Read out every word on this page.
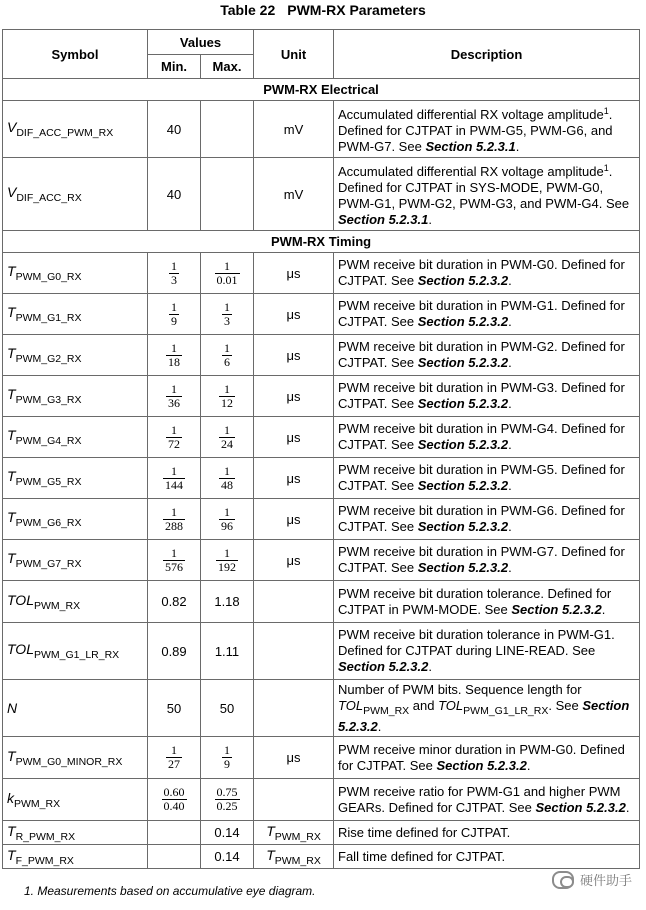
Table 22 PWM-RX Parameters
Symbol	Values		Unit	Description
	Min.	Max.		
PWM-RX Electrical				
$V_{DIF\_ACC\_PWM\_RX}$	40		mV	Accumulated differential RX voltage amplitude$^1$. Defined for CJTPAT in PWM-G5, PWM-G6, and PWM-G7. See Section 5.2.3.1.
$V_{DIF\_ACC\_RX}$	40		mV	Accumulated differential RX voltage amplitude$^1$. Defined for CJTPAT in SYS-MODE, PWM-G0, PWM-G1, PWM-G2, PWM-G3, and PWM-G4. See Section 5.2.3.1.
PWM-RX Timing				
$T_{PWM\_G0\_RX}$	$\frac{1}{3}$	$\frac{1}{0.01}$	μs	PWM receive bit duration in PWM-G0. Defined for CJTPAT. See Section 5.2.3.2.
$T_{PWM\_G1\_RX}$	$\frac{1}{9}$	$\frac{1}{3}$	μs	PWM receive bit duration in PWM-G1. Defined for CJTPAT. See Section 5.2.3.2.
$T_{PWM\_G2\_RX}$	$\frac{1}{18}$	$\frac{1}{6}$	μs	PWM receive bit duration in PWM-G2. Defined for CJTPAT. See Section 5.2.3.2.
$T_{PWM\_G3\_RX}$	$\frac{1}{36}$	$\frac{1}{12}$	μs	PWM receive bit duration in PWM-G3. Defined for CJTPAT. See Section 5.2.3.2.
$T_{PWM\_G4\_RX}$	$\frac{1}{72}$	$\frac{1}{24}$	μs	PWM receive bit duration in PWM-G4. Defined for CJTPAT. See Section 5.2.3.2.
$T_{PWM\_G5\_RX}$	$\frac{1}{144}$	$\frac{1}{48}$	μs	PWM receive bit duration in PWM-G5. Defined for CJTPAT. See Section 5.2.3.2.
$T_{PWM\_G6\_RX}$	$\frac{1}{288}$	$\frac{1}{96}$	μs	PWM receive bit duration in PWM-G6. Defined for CJTPAT. See Section 5.2.3.2.
$T_{PWM\_G7\_RX}$	$\frac{1}{576}$	$\frac{1}{192}$	μs	PWM receive bit duration in PWM-G7. Defined for CJTPAT. See Section 5.2.3.2.
$TOL_{PWM\_RX}$	0.82	1.18		PWM receive bit duration tolerance. Defined for CJTPAT in PWM-MODE. See Section 5.2.3.2.
$TOL_{PWM\_G1\_LR\_RX}$	0.89	1.11		PWM receive bit duration tolerance in PWM-G1. Defined for CJTPAT during LINE-READ. See Section 5.2.3.2.
N	50	50		Number of PWM bits. Sequence length for $TOL_{PWM\_RX}$ and $TOL_{PWM\_G1\_LR\_RX}$. See Section 5.2.3.2.
$T_{PWM\_G0\_MINOR\_RX}$	$\frac{1}{27}$	$\frac{1}{9}$	μs	PWM receive minor duration in PWM-G0. Defined for CJTPAT. See Section 5.2.3.2.
$k_{PWM\_RX}$	$\frac{0.60}{0.40}$	$\frac{0.75}{0.25}$		PWM receive ratio for PWM-G1 and higher PWM GEARs. Defined for CJTPAT. See Section 5.2.3.2.
$T_{R\_PWM\_RX}$		0.14	$T_{PWM\_RX}$	Rise time defined for CJTPAT.
$T_{F\_PWM\_RX}$		0.14	$T_{PWM\_RX}$	Fall time defined for CJTPAT.
1. Measurements based on accumulative eye diagram.
硬件助手
